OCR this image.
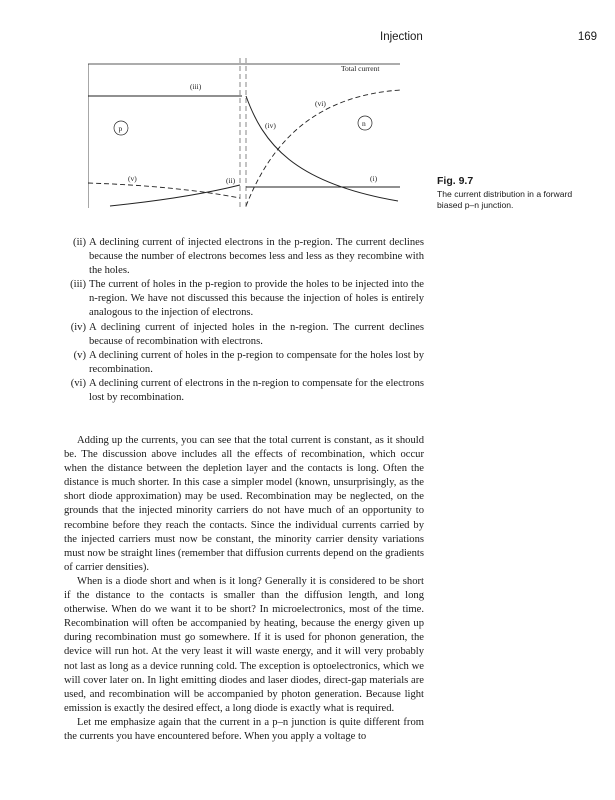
Injection	169
Total current
(iii)
(vi)
(iv)
p
n
(v)	(ii)	(i)	Fig. 9.7
The current distribution in a forward biased p–n junction.
(ii) A declining current of injected electrons in the p-region. The current declines because the number of electrons becomes less and less as they recombine with the holes.
(iii) The current of holes in the p-region to provide the holes to be injected into the n-region. We have not discussed this because the injection of holes is entirely analogous to the injection of electrons.
(iv) A declining current of injected holes in the n-region. The current declines because of recombination with electrons.
(v) A declining current of holes in the p-region to compensate for the holes lost by recombination.
(vi) A declining current of electrons in the n-region to compensate for the electrons lost by recombination.

Adding up the currents, you can see that the total current is constant, as it should be. The discussion above includes all the effects of recombination, which occur when the distance between the depletion layer and the contacts is long. Often the distance is much shorter. In this case a simpler model (known, unsurprisingly, as the short diode approximation) may be used. Recombination may be neglected, on the grounds that the injected minority carriers do not have much of an opportunity to recombine before they reach the contacts. Since the individual currents carried by the injected carriers must now be constant, the minority carrier density variations must now be straight lines (remember that diffusion currents depend on the gradients of carrier densities).

When is a diode short and when is it long? Generally it is considered to be short if the distance to the contacts is smaller than the diffusion length, and long otherwise. When do we want it to be short? In microelectronics, most of the time. Recombination will often be accompanied by heating, because the energy given up during recombination must go somewhere. If it is used for phonon generation, the device will run hot. At the very least it will waste energy, and it will very probably not last as long as a device running cold. The exception is optoelectronics, which we will cover later on. In light emitting diodes and laser diodes, direct-gap materials are used, and recombination will be accompanied by photon generation. Because light emission is exactly the desired effect, a long diode is exactly what is required.

Let me emphasize again that the current in a p–n junction is quite different from the currents you have encountered before. When you apply a voltage to
